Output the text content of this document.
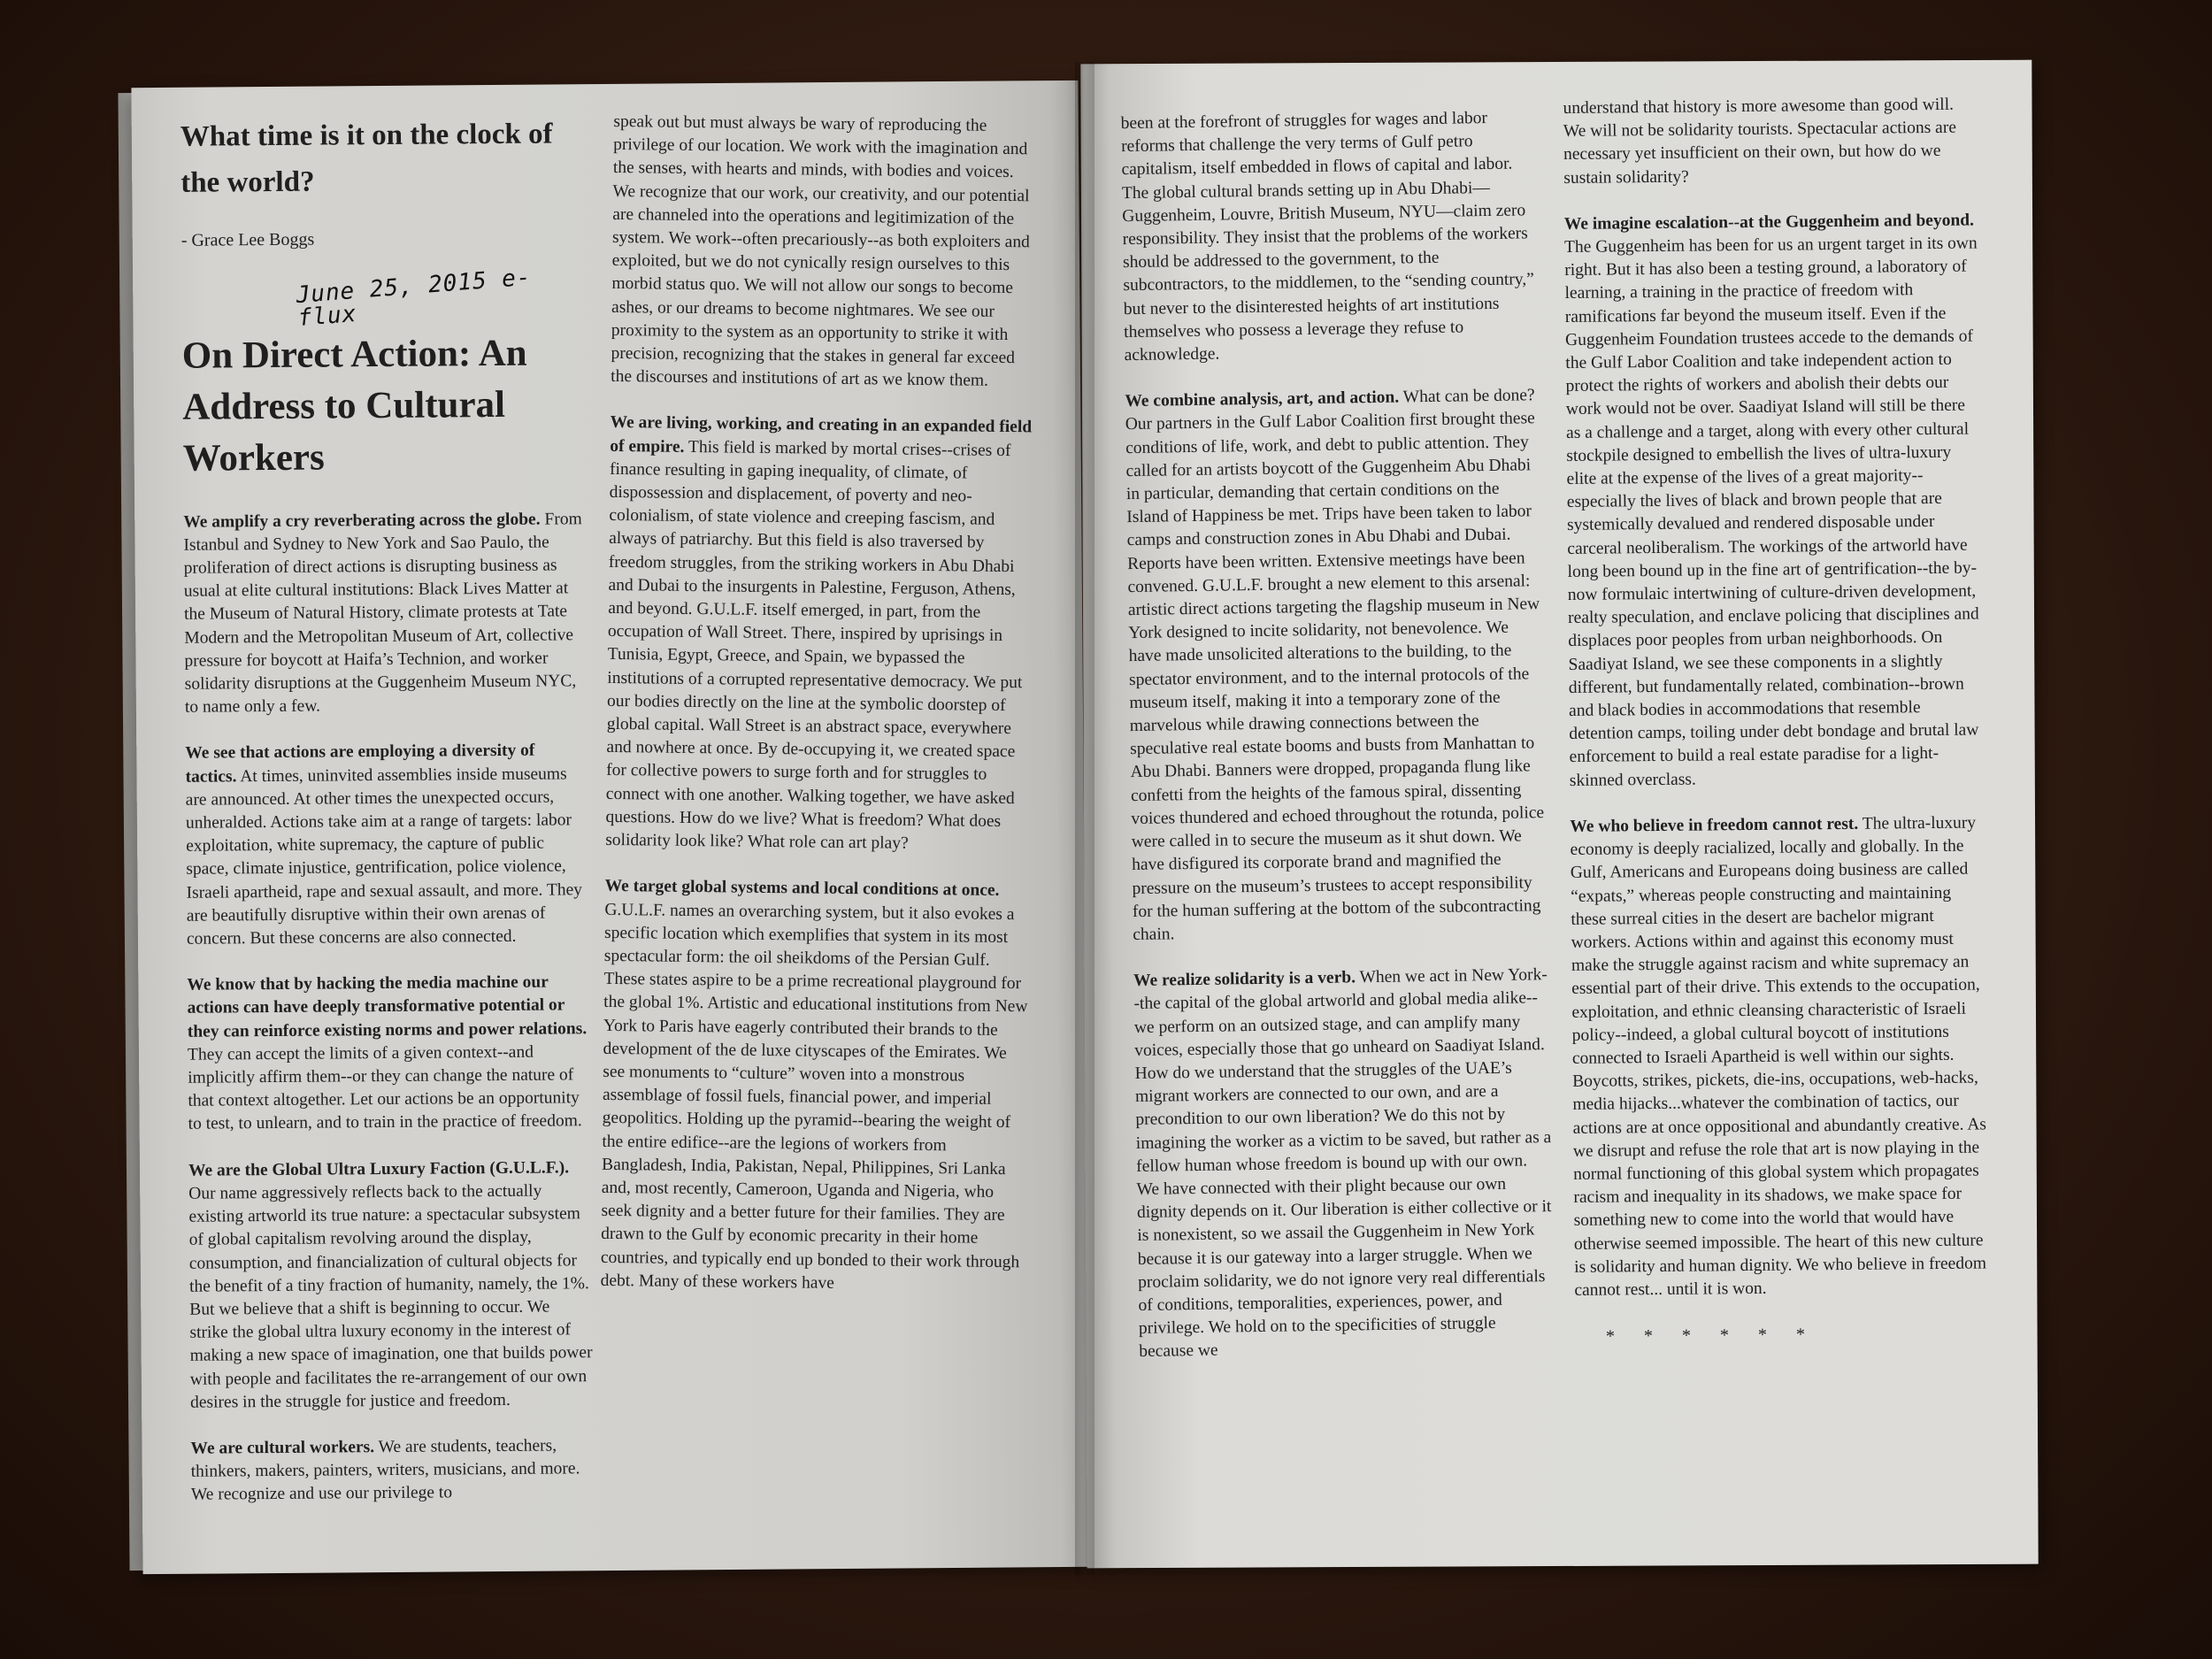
What time is it on the clock of the world?

- Grace Lee Boggs

June 25, 2015 e-flux
On Direct Action: An Address to Cultural Workers

We amplify a cry reverberating across the globe. From Istanbul and Sydney to New York and Sao Paulo, the proliferation of direct actions is disrupting business as usual at elite cultural institutions: Black Lives Matter at the Museum of Natural History, climate protests at Tate Modern and the Metropolitan Museum of Art, collective pressure for boycott at Haifa’s Technion, and worker solidarity disruptions at the Guggenheim Museum NYC, to name only a few.

We see that actions are employing a diversity of tactics. At times, uninvited assemblies inside museums are announced. At other times the unexpected occurs, unheralded. Actions take aim at a range of targets: labor exploitation, white supremacy, the capture of public space, climate injustice, gentrification, police violence, Israeli apartheid, rape and sexual assault, and more. They are beautifully disruptive within their own arenas of concern. But these concerns are also connected.

We know that by hacking the media machine our actions can have deeply transformative potential or they can reinforce existing norms and power relations. They can accept the limits of a given context--and implicitly affirm them--or they can change the nature of that context altogether. Let our actions be an opportunity to test, to unlearn, and to train in the practice of freedom.

We are the Global Ultra Luxury Faction (G.U.L.F.). Our name aggressively reflects back to the actually existing artworld its true nature: a spectacular subsystem of global capitalism revolving around the display, consumption, and financialization of cultural objects for the benefit of a tiny fraction of humanity, namely, the 1%. But we believe that a shift is beginning to occur. We strike the global ultra luxury economy in the interest of making a new space of imagination, one that builds power with people and facilitates the re-arrangement of our own desires in the struggle for justice and freedom.

We are cultural workers. We are students, teachers, thinkers, makers, painters, writers, musicians, and more. We recognize and use our privilege to

speak out but must always be wary of reproducing the privilege of our location. We work with the imagination and the senses, with hearts and minds, with bodies and voices. We recognize that our work, our creativity, and our potential are channeled into the operations and legitimization of the system. We work--often precariously--as both exploiters and exploited, but we do not cynically resign ourselves to this morbid status quo. We will not allow our songs to become ashes, or our dreams to become nightmares. We see our proximity to the system as an opportunity to strike it with precision, recognizing that the stakes in general far exceed the discourses and institutions of art as we know them.

We are living, working, and creating in an expanded field of empire. This field is marked by mortal crises--crises of finance resulting in gaping inequality, of climate, of dispossession and displacement, of poverty and neo-colonialism, of state violence and creeping fascism, and always of patriarchy. But this field is also traversed by freedom struggles, from the striking workers in Abu Dhabi and Dubai to the insurgents in Palestine, Ferguson, Athens, and beyond. G.U.L.F. itself emerged, in part, from the occupation of Wall Street. There, inspired by uprisings in Tunisia, Egypt, Greece, and Spain, we bypassed the institutions of a corrupted representative democracy. We put our bodies directly on the line at the symbolic doorstep of global capital. Wall Street is an abstract space, everywhere and nowhere at once. By de-occupying it, we created space for collective powers to surge forth and for struggles to connect with one another. Walking together, we have asked questions. How do we live? What is freedom? What does solidarity look like? What role can art play?

We target global systems and local conditions at once. G.U.L.F. names an overarching system, but it also evokes a specific location which exemplifies that system in its most spectacular form: the oil sheikdoms of the Persian Gulf. These states aspire to be a prime recreational playground for the global 1%. Artistic and educational institutions from New York to Paris have eagerly contributed their brands to the development of the de luxe cityscapes of the Emirates. We see monuments to “culture” woven into a monstrous assemblage of fossil fuels, financial power, and imperial geopolitics. Holding up the pyramid--bearing the weight of the entire edifice--are the legions of workers from Bangladesh, India, Pakistan, Nepal, Philippines, Sri Lanka and, most recently, Cameroon, Uganda and Nigeria, who seek dignity and a better future for their families. They are drawn to the Gulf by economic precarity in their home countries, and typically end up bonded to their work through debt. Many of these workers have

been at the forefront of struggles for wages and labor reforms that challenge the very terms of Gulf petro capitalism, itself embedded in flows of capital and labor. The global cultural brands setting up in Abu Dhabi—Guggenheim, Louvre, British Museum, NYU—claim zero responsibility. They insist that the problems of the workers should be addressed to the government, to the subcontractors, to the middlemen, to the “sending country,” but never to the disinterested heights of art institutions themselves who possess a leverage they refuse to acknowledge.

We combine analysis, art, and action. What can be done? Our partners in the Gulf Labor Coalition first brought these conditions of life, work, and debt to public attention. They called for an artists boycott of the Guggenheim Abu Dhabi in particular, demanding that certain conditions on the Island of Happiness be met. Trips have been taken to labor camps and construction zones in Abu Dhabi and Dubai. Reports have been written. Extensive meetings have been convened. G.U.L.F. brought a new element to this arsenal: artistic direct actions targeting the flagship museum in New York designed to incite solidarity, not benevolence. We have made unsolicited alterations to the building, to the spectator environment, and to the internal protocols of the museum itself, making it into a temporary zone of the marvelous while drawing connections between the speculative real estate booms and busts from Manhattan to Abu Dhabi. Banners were dropped, propaganda flung like confetti from the heights of the famous spiral, dissenting voices thundered and echoed throughout the rotunda, police were called in to secure the museum as it shut down. We have disfigured its corporate brand and magnified the pressure on the museum’s trustees to accept responsibility for the human suffering at the bottom of the subcontracting chain.

We realize solidarity is a verb. When we act in New York--the capital of the global artworld and global media alike--we perform on an outsized stage, and can amplify many voices, especially those that go unheard on Saadiyat Island. How do we understand that the struggles of the UAE’s migrant workers are connected to our own, and are a precondition to our own liberation? We do this not by imagining the worker as a victim to be saved, but rather as a fellow human whose freedom is bound up with our own. We have connected with their plight because our own dignity depends on it. Our liberation is either collective or it is nonexistent, so we assail the Guggenheim in New York because it is our gateway into a larger struggle. When we proclaim solidarity, we do not ignore very real differentials of conditions, temporalities, experiences, power, and privilege. We hold on to the specificities of struggle because we

understand that history is more awesome than good will. We will not be solidarity tourists. Spectacular actions are necessary yet insufficient on their own, but how do we sustain solidarity?

We imagine escalation--at the Guggenheim and beyond. The Guggenheim has been for us an urgent target in its own right. But it has also been a testing ground, a laboratory of learning, a training in the practice of freedom with ramifications far beyond the museum itself. Even if the Guggenheim Foundation trustees accede to the demands of the Gulf Labor Coalition and take independent action to protect the rights of workers and abolish their debts our work would not be over. Saadiyat Island will still be there as a challenge and a target, along with every other cultural stockpile designed to embellish the lives of ultra-luxury elite at the expense of the lives of a great majority--especially the lives of black and brown people that are systemically devalued and rendered disposable under carceral neoliberalism. The workings of the artworld have long been bound up in the fine art of gentrification--the by-now formulaic intertwining of culture-driven development, realty speculation, and enclave policing that disciplines and displaces poor peoples from urban neighborhoods. On Saadiyat Island, we see these components in a slightly different, but fundamentally related, combination--brown and black bodies in accommodations that resemble detention camps, toiling under debt bondage and brutal law enforcement to build a real estate paradise for a light-skinned overclass.

We who believe in freedom cannot rest. The ultra-luxury economy is deeply racialized, locally and globally. In the Gulf, Americans and Europeans doing business are called “expats,” whereas people constructing and maintaining these surreal cities in the desert are bachelor migrant workers. Actions within and against this economy must make the struggle against racism and white supremacy an essential part of their drive. This extends to the occupation, exploitation, and ethnic cleansing characteristic of Israeli policy--indeed, a global cultural boycott of institutions connected to Israeli Apartheid is well within our sights. Boycotts, strikes, pickets, die-ins, occupations, web-hacks, media hijacks...whatever the combination of tactics, our actions are at once oppositional and abundantly creative. As we disrupt and refuse the role that art is now playing in the normal functioning of this global system which propagates racism and inequality in its shadows, we make space for something new to come into the world that would have otherwise seemed impossible. The heart of this new culture is solidarity and human dignity. We who believe in freedom cannot rest... until it is won.

* * * * * *
